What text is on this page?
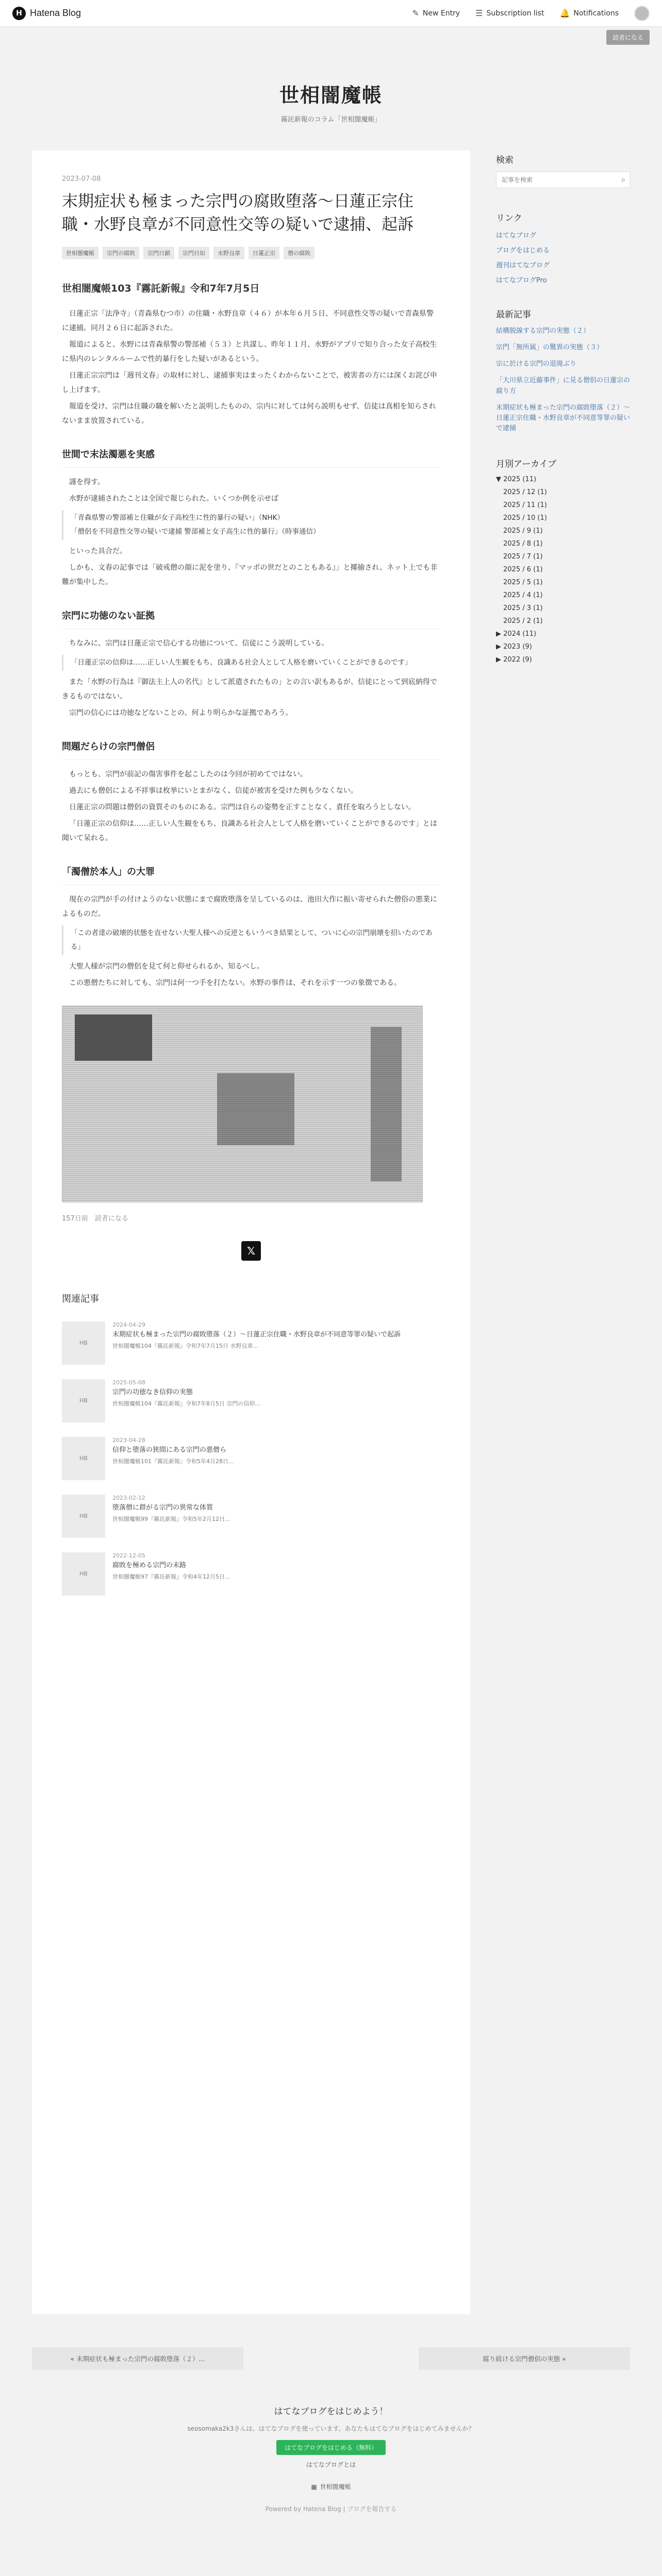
H Hatena Blog	✎ New Entry ☰ Subscription list 🔔 Notifications
読者になる
世相闇魔帳
霧託新報のコラム「世相闇魔帳」
2023-07-08
末期症状も極まった宗門の腐敗堕落〜日蓮正宗住職・水野良章が不同意性交等の疑いで逮捕、起訴
世相闇魔帳	宗門の腐敗	宗門日顕	宗門日如	水野良章	日蓮正宗	僧の腐敗

世相闇魔帳103『霧託新報』令和7年7月5日

日蓮正宗「法浄寺」（青森県むつ市）の住職・水野良章（４６）が本年６月５日、不同意性交等の疑いで青森県警に逮捕。同月２６日に起訴された。

報道によると、水野には青森県警の警部補（５３）と共謀し、昨年１１月、水野がアプリで知り合った女子高校生に県内のレンタルルームで性的暴行をした疑いがあるという。

日蓮正宗宗門は「週刊文春」の取材に対し、逮捕事実はまったくわからないことで、被害者の方には深くお詫び申し上げます。

報道を受け、宗門は住職の職を解いたと説明したものの、宗内に対しては何ら説明もせず、信徒は真相を知らされないまま放置されている。

世間で末法濁悪を実感

謹を得す。

水野が逮捕されたことは全国で報じられた。いくつか例を示せば

「青森県警の警部補と住職が女子高校生に性的暴行の疑い」（NHK）
「僧侶を不同意性交等の疑いで逮捕 警部補と女子高生に性的暴行」（時事通信）

といった具合だ。

しかも、文春の記事では「破戒僧の顔に泥を塗り、『マッポの世だとのこともある』」と揶揄され、ネット上でも非難が集中した。

宗門に功徳のない証拠

ちなみに、宗門は日蓮正宗で信心する功徳について、信徒にこう説明している。

「日蓮正宗の信仰は……正しい人生観をもち、良識ある社会人として人格を磨いていくことができるのです」

また「水野の行為は『御法主上人の名代』として派遣されたもの」との言い訳もあるが、信徒にとって到底納得できるものではない。

宗門の信心には功徳などないことの、何より明らかな証拠であろう。

問題だらけの宗門僧侶

もっとも、宗門が前記の傷害事件を起こしたのは今回が初めてではない。

過去にも僧侶による不祥事は枚挙にいとまがなく、信徒が被害を受けた例も少なくない。

日蓮正宗の問題は僧侶の資質そのものにある。宗門は自らの姿勢を正すことなく、責任を取ろうとしない。

「日蓮正宗の信仰は……正しい人生観をもち、良識ある社会人として人格を磨いていくことができるのです」とは聞いて呆れる。

「濁僧於本人」の大罪

現在の宗門が手の付けようのない状態にまで腐敗堕落を呈しているのは、池田大作に振い寄せられた僧俗の悪業によるものだ。

「この者達の破壊的状態を直せない大聖人様への反逆ともいうべき結果として、ついに心の宗門崩壊を招いたのである」

大聖人様が宗門の僧侶を見て何と仰せられるか、知るべし。

この悪僧たちに対しても、宗門は何一つ手を打たない。水野の事件は、それを示す一つの象徴である。

157日前　読者になる
𝕏
関連記事
HB
2024-04-29
末期症状も極まった宗門の腐敗堕落（２）〜日蓮正宗住職・水野良章が不同意等罪の疑いで起訴
世相闇魔帳104『霧託新報』令和7年7月15日 水野良章...
HB
2025-05-08
宗門の功徳なき信仰の実態
世相闇魔帳104『霧託新報』令和7年8月5日 宗門の信仰...
HB
2023-04-28
信仰と堕落の狭間にある宗門の悪僧ら
世相闇魔帳101『霧託新報』令和5年4月28日...
HB
2023-02-12
堕落僧に群がる宗門の異常な体質
世相闇魔帳99『霧託新報』令和5年2月12日...
HB
2022-12-05
腐敗を極める宗門の末路
世相闇魔帳97『霧託新報』令和4年12月5日...
検索
記事を検索
⌕
リンク
はてなブログ
ブログをはじめる
週刊はてなブログ
はてなブログPro
最新記事
結構脱線する宗門の実態（２）
宗門「無所属」の驚異の実態（３）
宗に於ける宗門の退廃ぶり
「大川県立近藤事件」に見る僧侶の日蓮宗の腐り方
末期症状も極まった宗門の腐敗堕落（２）〜日蓮正宗住職・水野良章が不同意等罪の疑いで逮捕
月別アーカイブ
▼ 2025 (11)
2025 / 12 (1)
2025 / 11 (1)
2025 / 10 (1)
2025 / 9 (1)
2025 / 8 (1)
2025 / 7 (1)
2025 / 6 (1)
2025 / 5 (1)
2025 / 4 (1)
2025 / 3 (1)
2025 / 2 (1)
▶ 2024 (11)
▶ 2023 (9)
▶ 2022 (9)
« 末期症状も極まった宗門の腐敗堕落（２）...	腐り続ける宗門僧侶の実態 »
はてなブログをはじめよう！
seosomaka2k3さんは、はてなブログを使っています。あなたもはてなブログをはじめてみませんか？
はてなブログをはじめる（無料）
はてなブログとは
▦ 世相闇魔帳
Powered by Hatena Blog | ブログを報告する
